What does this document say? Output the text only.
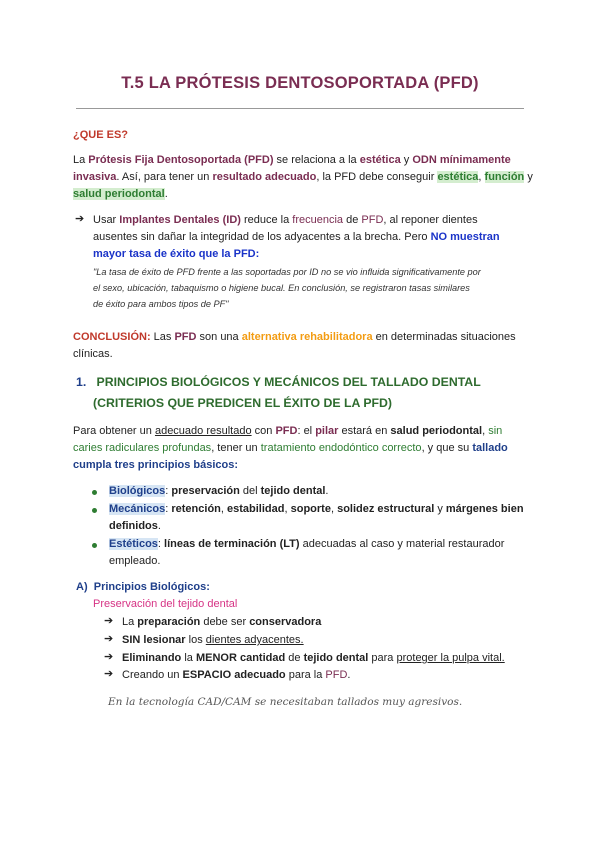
T.5 LA PRÓTESIS DENTOSOPORTADA (PFD)
¿QUE ES?
La Prótesis Fija Dentosoportada (PFD) se relaciona a la estética y ODN mínimamente
invasiva. Así, para tener un resultado adecuado, la PFD debe conseguir estética, función y
salud periodontal.
➔ Usar Implantes Dentales (ID) reduce la frecuencia de PFD, al reponer dientes
ausentes sin dañar la integridad de los adyacentes a la brecha. Pero NO muestran
mayor tasa de éxito que la PFD:
"La tasa de éxito de PFD frente a las soportadas por ID no se vio influida significativamente por
el sexo, ubicación, tabaquismo o higiene bucal. En conclusión, se registraron tasas similares
de éxito para ambos tipos de PF"
CONCLUSIÓN: Las PFD son una alternativa rehabilitadora en determinadas situaciones
clínicas.
1. PRINCIPIOS BIOLÓGICOS Y MECÁNICOS DEL TALLADO DENTAL
(CRITERIOS QUE PREDICEN EL ÉXITO DE LA PFD)
Para obtener un adecuado resultado con PFD: el pilar estará en salud periodontal, sin
caries radiculares profundas, tener un tratamiento endodóntico correcto, y que su tallado
cumpla tres principios básicos:
Biológicos: preservación del tejido dental.
Mecánicos: retención, estabilidad, soporte, solidez estructural y márgenes bien
definidos.
Estéticos: líneas de terminación (LT) adecuadas al caso y material restaurador
empleado.
A) Principios Biológicos:
Preservación del tejido dental
➔ La preparación debe ser conservadora
➔ SIN lesionar los dientes adyacentes.
➔ Eliminando la MENOR cantidad de tejido dental para proteger la pulpa vital.
➔ Creando un ESPACIO adecuado para la PFD.
En la tecnología CAD/CAM se necesitaban tallados muy agresivos.
